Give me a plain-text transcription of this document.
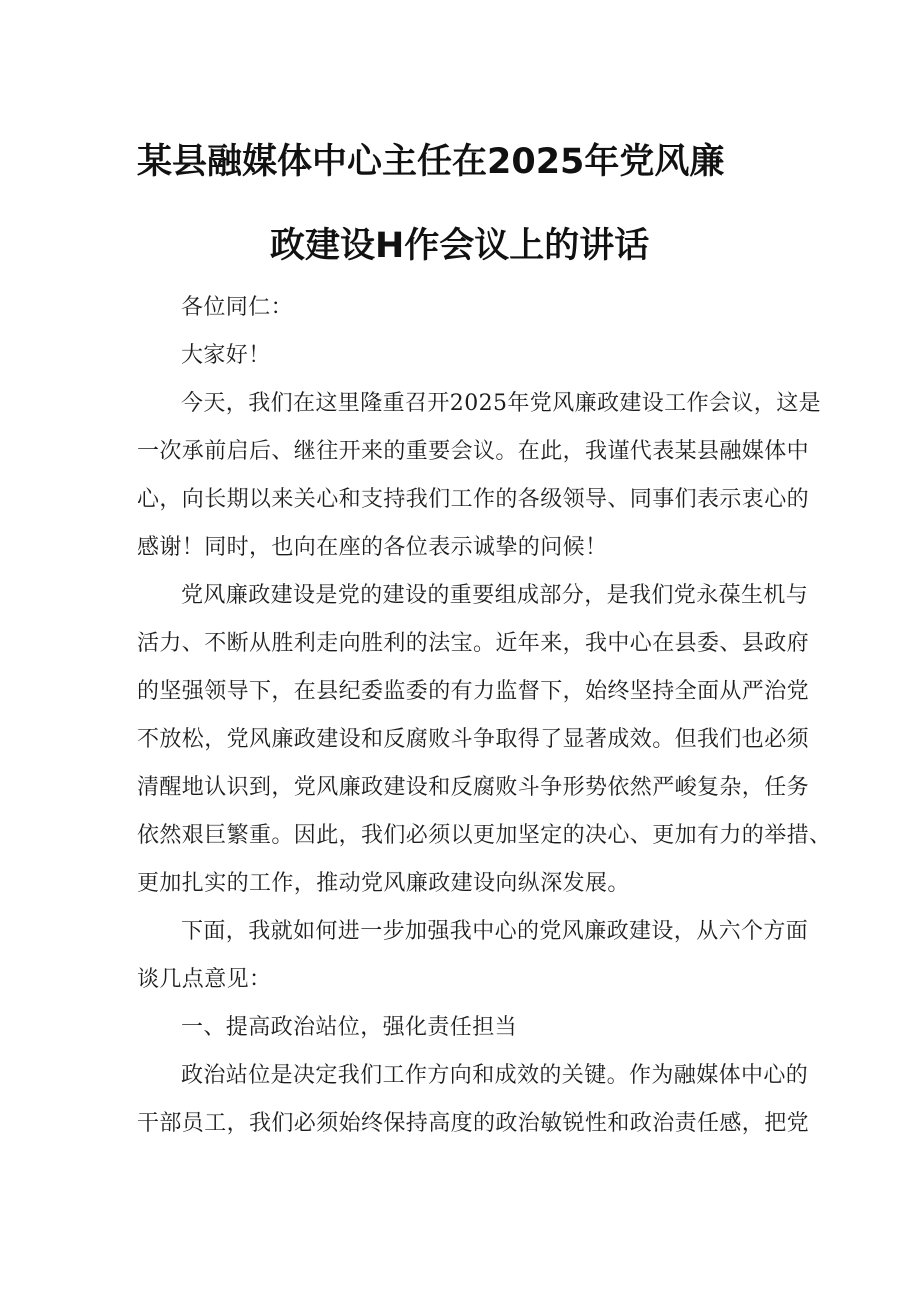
某县融媒体中心主任在2025年党风廉
政建设H作会议上的讲话
各位同仁：
大家好！
今天，我们在这里隆重召开2025年党风廉政建设工作会议，这是
一次承前启后、继往开来的重要会议。在此，我谨代表某县融媒体中
心，向长期以来关心和支持我们工作的各级领导、同事们表示衷心的
感谢！同时，也向在座的各位表示诚挚的问候！
党风廉政建设是党的建设的重要组成部分，是我们党永葆生机与
活力、不断从胜利走向胜利的法宝。近年来，我中心在县委、县政府
的坚强领导下，在县纪委监委的有力监督下，始终坚持全面从严治党
不放松，党风廉政建设和反腐败斗争取得了显著成效。但我们也必须
清醒地认识到，党风廉政建设和反腐败斗争形势依然严峻复杂，任务
依然艰巨繁重。因此，我们必须以更加坚定的决心、更加有力的举措、
更加扎实的工作，推动党风廉政建设向纵深发展。
下面，我就如何进一步加强我中心的党风廉政建设，从六个方面
谈几点意见：
一、提高政治站位，强化责任担当
政治站位是决定我们工作方向和成效的关键。作为融媒体中心的
干部员工，我们必须始终保持高度的政治敏锐性和政治责任感，把党
